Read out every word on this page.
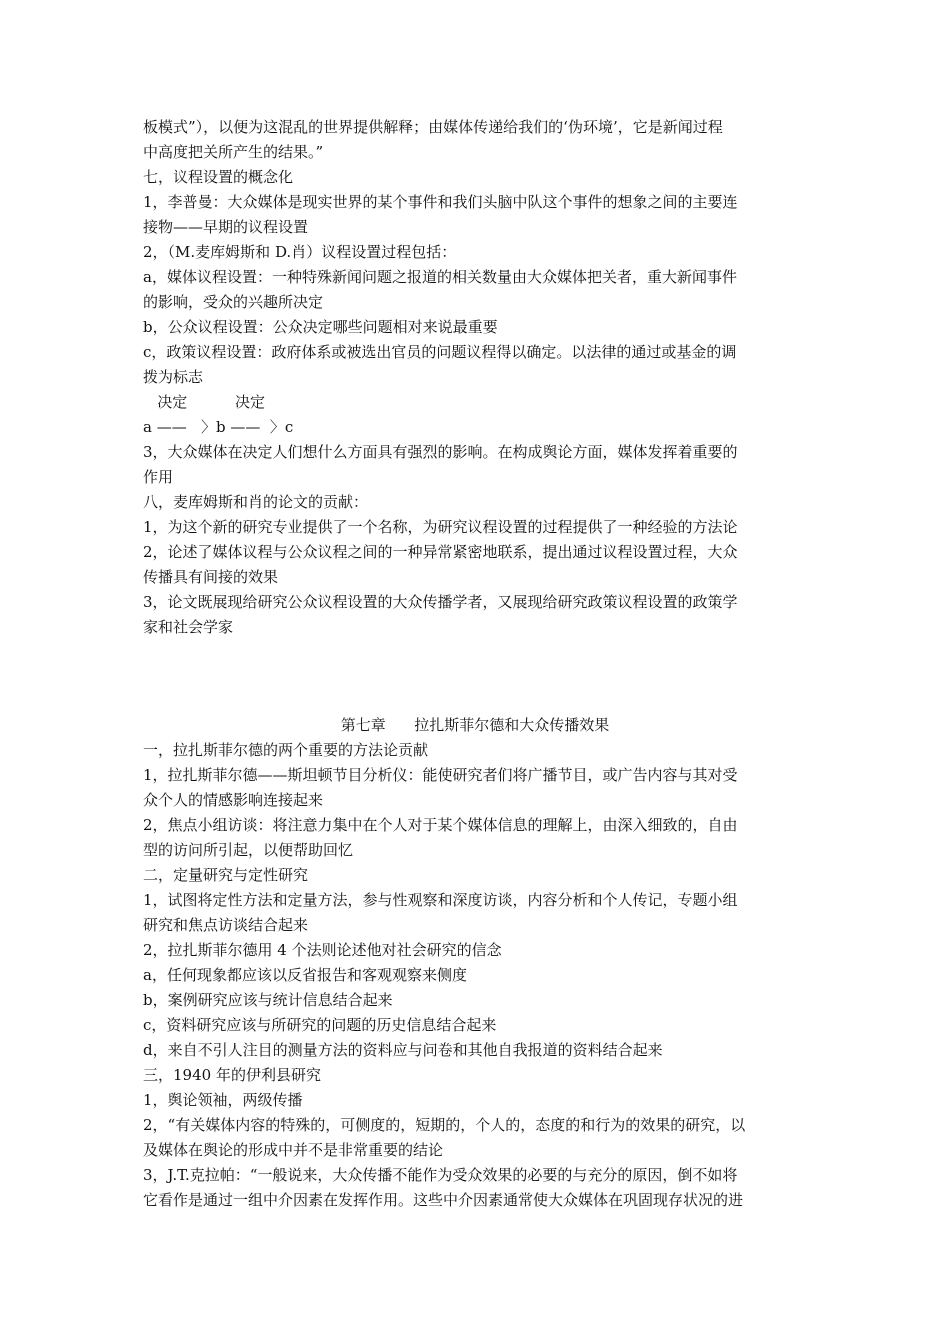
板模式”），以便为这混乱的世界提供解释；由媒体传递给我们的‘伪环境’，它是新闻过程
中高度把关所产生的结果。”
七，议程设置的概念化
1，李普曼：大众媒体是现实世界的某个事件和我们头脑中队这个事件的想象之间的主要连
接物——早期的议程设置
2，（M.麦库姆斯和 D.肖）议程设置过程包括：
a，媒体议程设置：一种特殊新闻问题之报道的相关数量由大众媒体把关者，重大新闻事件
的影响，受众的兴趣所决定
b，公众议程设置：公众决定哪些问题相对来说最重要
c，政策议程设置：政府体系或被选出官员的问题议程得以确定。以法律的通过或基金的调
拨为标志
决定          决定
a ——   〉b ——  〉c
3，大众媒体在决定人们想什么方面具有强烈的影响。在构成舆论方面，媒体发挥着重要的
作用
八，麦库姆斯和肖的论文的贡献：
1，为这个新的研究专业提供了一个名称，为研究议程设置的过程提供了一种经验的方法论
2，论述了媒体议程与公众议程之间的一种异常紧密地联系，提出通过议程设置过程，大众
传播具有间接的效果
3，论文既展现给研究公众议程设置的大众传播学者，又展现给研究政策议程设置的政策学
家和社会学家
第七章      拉扎斯菲尔德和大众传播效果
一，拉扎斯菲尔德的两个重要的方法论贡献
1，拉扎斯菲尔德——斯坦顿节目分析仪：能使研究者们将广播节目，或广告内容与其对受
众个人的情感影响连接起来
2，焦点小组访谈：将注意力集中在个人对于某个媒体信息的理解上，由深入细致的，自由
型的访问所引起，以便帮助回忆
二，定量研究与定性研究
1，试图将定性方法和定量方法，参与性观察和深度访谈，内容分析和个人传记，专题小组
研究和焦点访谈结合起来
2，拉扎斯菲尔德用 4 个法则论述他对社会研究的信念
a，任何现象都应该以反省报告和客观观察来侧度
b，案例研究应该与统计信息结合起来
c，资料研究应该与所研究的问题的历史信息结合起来
d，来自不引人注目的测量方法的资料应与问卷和其他自我报道的资料结合起来
三，1940 年的伊利县研究
1，舆论领袖，两级传播
2，“有关媒体内容的特殊的，可侧度的，短期的，个人的，态度的和行为的效果的研究，以
及媒体在舆论的形成中并不是非常重要的结论
3，J.T.克拉帕：“一般说来，大众传播不能作为受众效果的必要的与充分的原因，倒不如将
它看作是通过一组中介因素在发挥作用。这些中介因素通常使大众媒体在巩固现存状况的进
